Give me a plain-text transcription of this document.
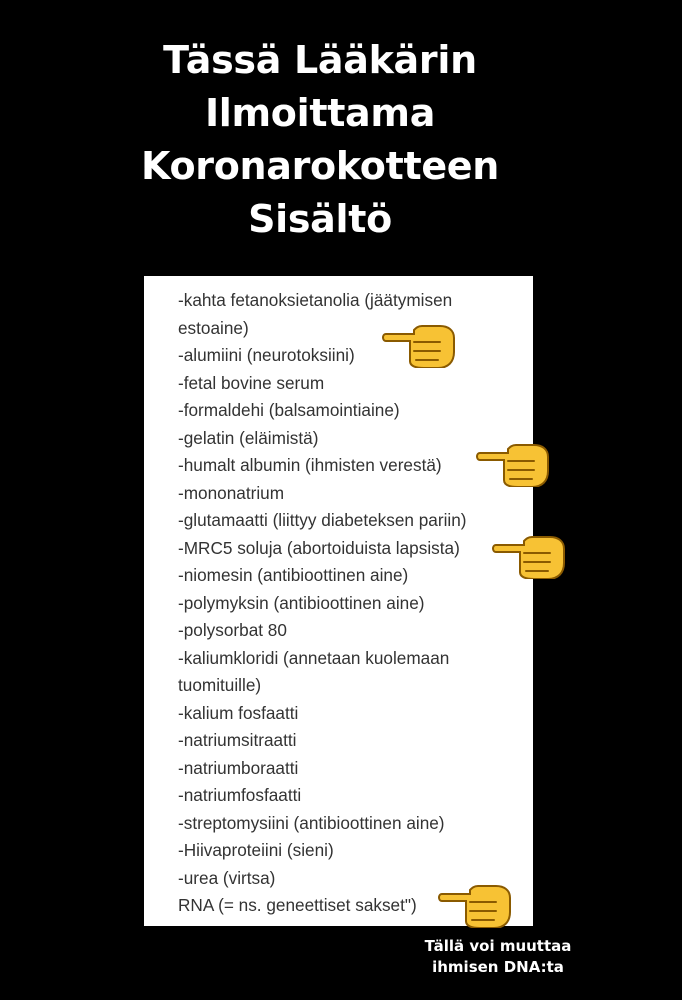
Tässä Lääkärin
Ilmoittama
Koronarokotteen
Sisältö
-kahta fetanoksietanolia (jäätymisen estoaine)
-alumiini (neurotoksiini)
-fetal bovine serum
-formaldehi (balsamointiaine)
-gelatin (eläimistä)
-humalt albumin (ihmisten verestä)
-mononatrium
-glutamaatti (liittyy diabeteksen pariin)
-MRC5 soluja (abortoiduista lapsista)
-niomesin (antibioottinen aine)
-polymyksin (antibioottinen aine)
-polysorbat 80
-kaliumkloridi (annetaan kuolemaan tuomituille)
-kalium fosfaatti
-natriumsitraatti
-natriumboraatti
-natriumfosfaatti
-streptomysiini (antibioottinen aine)
-Hiivaproteiini (sieni)
-urea (virtsa)
RNA (= ns. geneettiset sakset")
Tällä voi muuttaa
ihmisen DNA:ta
